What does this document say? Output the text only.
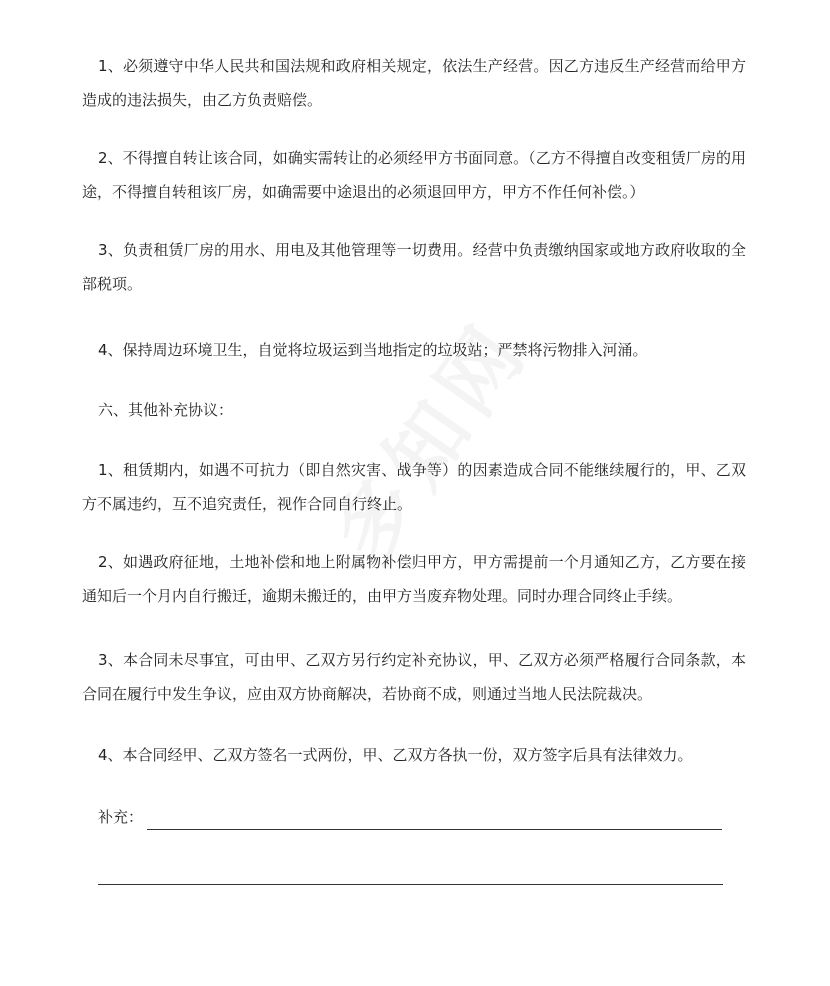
1、必须遵守中华人民共和国法规和政府相关规定，依法生产经营。因乙方违反生产经营而给甲方造成的违法损失，由乙方负责赔偿。

2、不得擅自转让该合同，如确实需转让的必须经甲方书面同意。（乙方不得擅自改变租赁厂房的用途，不得擅自转租该厂房，如确需要中途退出的必须退回甲方，甲方不作任何补偿。）

3、负责租赁厂房的用水、用电及其他管理等一切费用。经营中负责缴纳国家或地方政府收取的全部税项。

4、保持周边环境卫生，自觉将垃圾运到当地指定的垃圾站；严禁将污物排入河涌。

六、其他补充协议：

1、租赁期内，如遇不可抗力（即自然灾害、战争等）的因素造成合同不能继续履行的，甲、乙双方不属违约，互不追究责任，视作合同自行终止。

2、如遇政府征地，土地补偿和地上附属物补偿归甲方，甲方需提前一个月通知乙方，乙方要在接通知后一个月内自行搬迁，逾期未搬迁的，由甲方当废弃物处理。同时办理合同终止手续。

3、本合同未尽事宜，可由甲、乙双方另行约定补充协议，甲、乙双方必须严格履行合同条款，本合同在履行中发生争议，应由双方协商解决，若协商不成，则通过当地人民法院裁决。

4、本合同经甲、乙双方签名一式两份，甲、乙双方各执一份，双方签字后具有法律效力。

补充：
